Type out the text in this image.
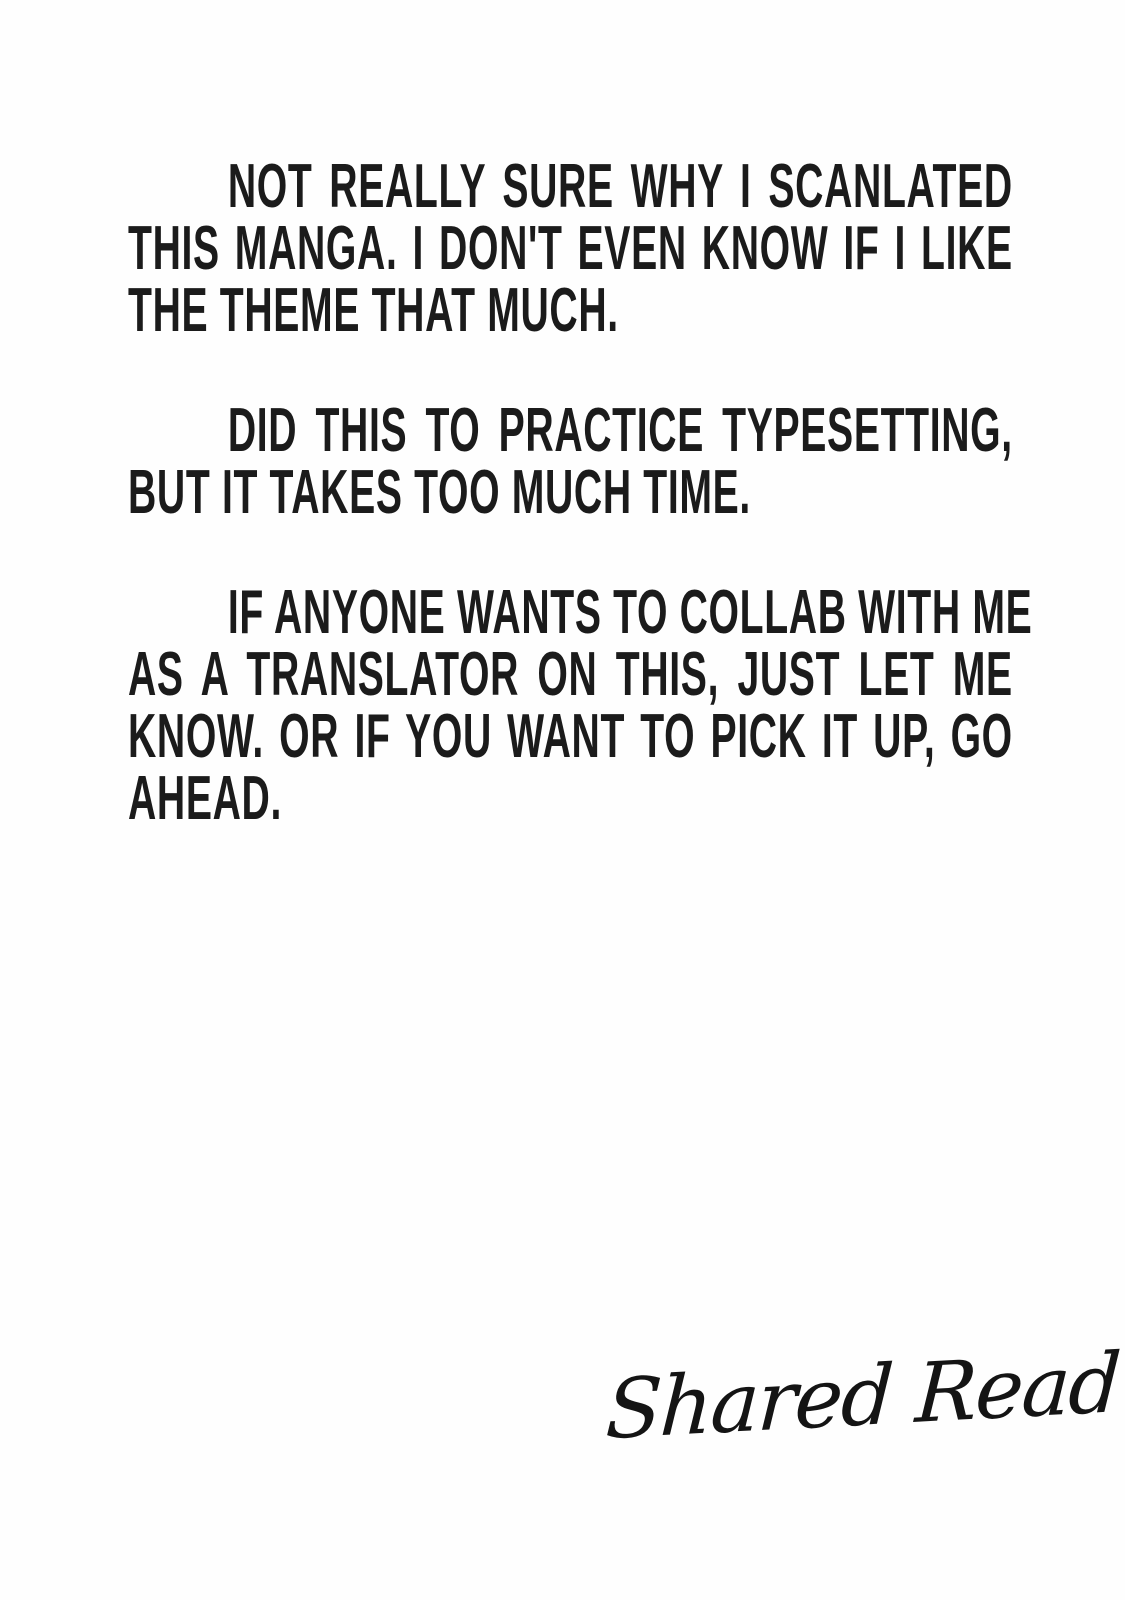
NOT REALLY SURE WHY I SCANLATED
THIS MANGA. I DON'T EVEN KNOW IF I LIKE
THE THEME THAT MUCH.
DID THIS TO PRACTICE TYPESETTING,
BUT IT TAKES TOO MUCH TIME.
IF ANYONE WANTS TO COLLAB WITH ME
AS A TRANSLATOR ON THIS, JUST LET ME
KNOW. OR IF YOU WANT TO PICK IT UP, GO
AHEAD.
Shared Read
